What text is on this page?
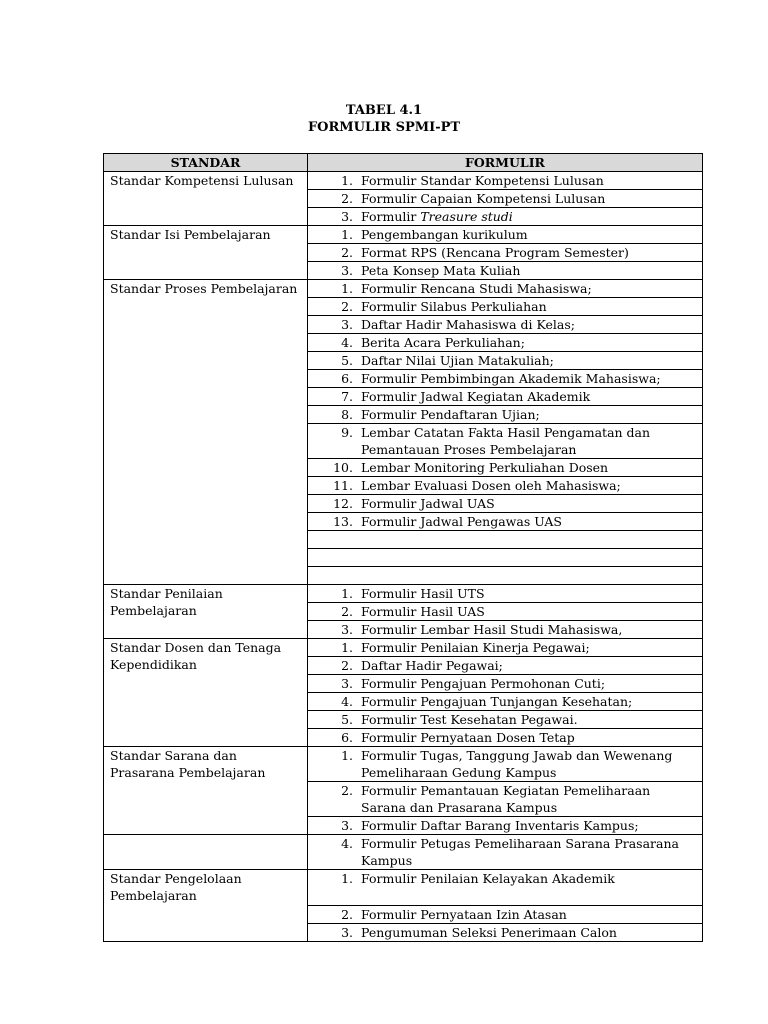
TABEL 4.1
FORMULIR SPMI-PT
STANDAR	FORMULIR
Standar Kompetensi Lulusan	1. Formulir Standar Kompetensi Lulusan

	2. Formulir Capaian Kompetensi Lulusan

	3. Formulir Treasure studi

Standar Isi Pembelajaran	1. Pengembangan kurikulum

	2. Format RPS (Rencana Program Semester)

	3. Peta Konsep Mata Kuliah

Standar Proses Pembelajaran	1. Formulir Rencana Studi Mahasiswa;

	2. Formulir Silabus Perkuliahan

	3. Daftar Hadir Mahasiswa di Kelas;

	4. Berita Acara Perkuliahan;

	5. Daftar Nilai Ujian Matakuliah;

	6. Formulir Pembimbingan Akademik Mahasiswa;

	7. Formulir Jadwal Kegiatan Akademik

	8. Formulir Pendaftaran Ujian;

	9. Lembar Catatan Fakta Hasil Pengamatan dan Pemantauan Proses Pembelajaran

	10. Lembar Monitoring Perkuliahan Dosen

	11. Lembar Evaluasi Dosen oleh Mahasiswa;

	12. Formulir Jadwal UAS

	13. Formulir Jadwal Pengawas UAS

Standar Penilaian Pembelajaran	1. Formulir Hasil UTS

	2. Formulir Hasil UAS

	3. Formulir Lembar Hasil Studi Mahasiswa,

Standar Dosen dan Tenaga Kependidikan	1. Formulir Penilaian Kinerja Pegawai;

	2. Daftar Hadir Pegawai;

	3. Formulir Pengajuan Permohonan Cuti;

	4. Formulir Pengajuan Tunjangan Kesehatan;

	5. Formulir Test Kesehatan Pegawai.

	6. Formulir Pernyataan Dosen Tetap

Standar Sarana dan Prasarana Pembelajaran	1. Formulir Tugas, Tanggung Jawab dan Wewenang Pemeliharaan Gedung Kampus

	2. Formulir Pemantauan Kegiatan Pemeliharaan Sarana dan Prasarana Kampus

	3. Formulir Daftar Barang Inventaris Kampus;

	4. Formulir Petugas Pemeliharaan Sarana Prasarana Kampus

Standar Pengelolaan Pembelajaran	1. Formulir Penilaian Kelayakan Akademik

	2. Formulir Pernyataan Izin Atasan

	3. Pengumuman Seleksi Penerimaan Calon
